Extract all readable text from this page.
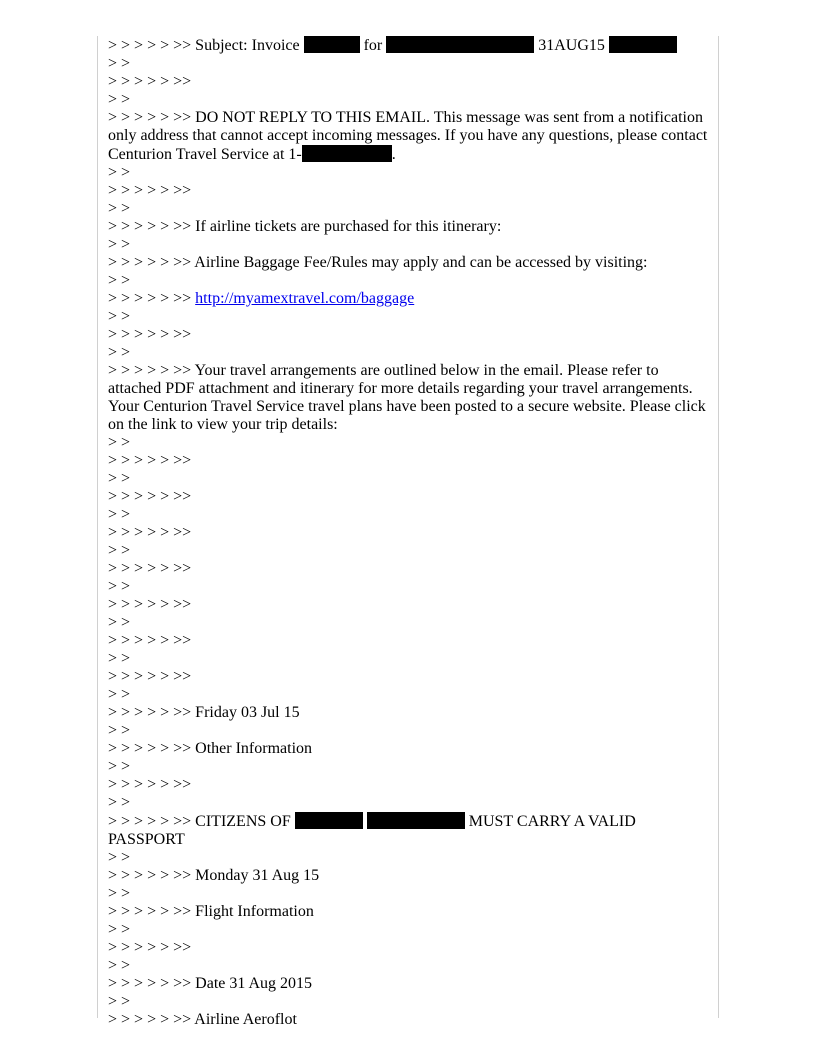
> > > > > >> Subject: Invoice	for	31AUG15

> >

> > > > > >>

> >

> > > > > >> DO NOT REPLY TO THIS EMAIL. This message was sent from a notification only address that cannot accept incoming messages. If you have any questions, please contact Centurion Travel Service at 1-	.

> >

> > > > > >>

> >

> > > > > >> If airline tickets are purchased for this itinerary:

> >

> > > > > >> Airline Baggage Fee/Rules may apply and can be accessed by visiting:

> >

> > > > > >> http://myamextravel.com/baggage

> >

> > > > > >>

> >

> > > > > >> Your travel arrangements are outlined below in the email. Please refer to attached PDF attachment and itinerary for more details regarding your travel arrangements. Your Centurion Travel Service travel plans have been posted to a secure website. Please click on the link to view your trip details:

> >

> > > > > >>

> >

> > > > > >>

> >

> > > > > >>

> >

> > > > > >>

> >

> > > > > >>

> >

> > > > > >>

> >

> > > > > >>

> >

> > > > > >> Friday 03 Jul 15

> >

> > > > > >> Other Information

> >

> > > > > >>

> >

> > > > > >> CITIZENS OF	MUST CARRY A VALID PASSPORT

> >

> > > > > >> Monday 31 Aug 15

> >

> > > > > >> Flight Information

> >

> > > > > >>

> >

> > > > > >> Date 31 Aug 2015

> >

> > > > > >> Airline Aeroflot
